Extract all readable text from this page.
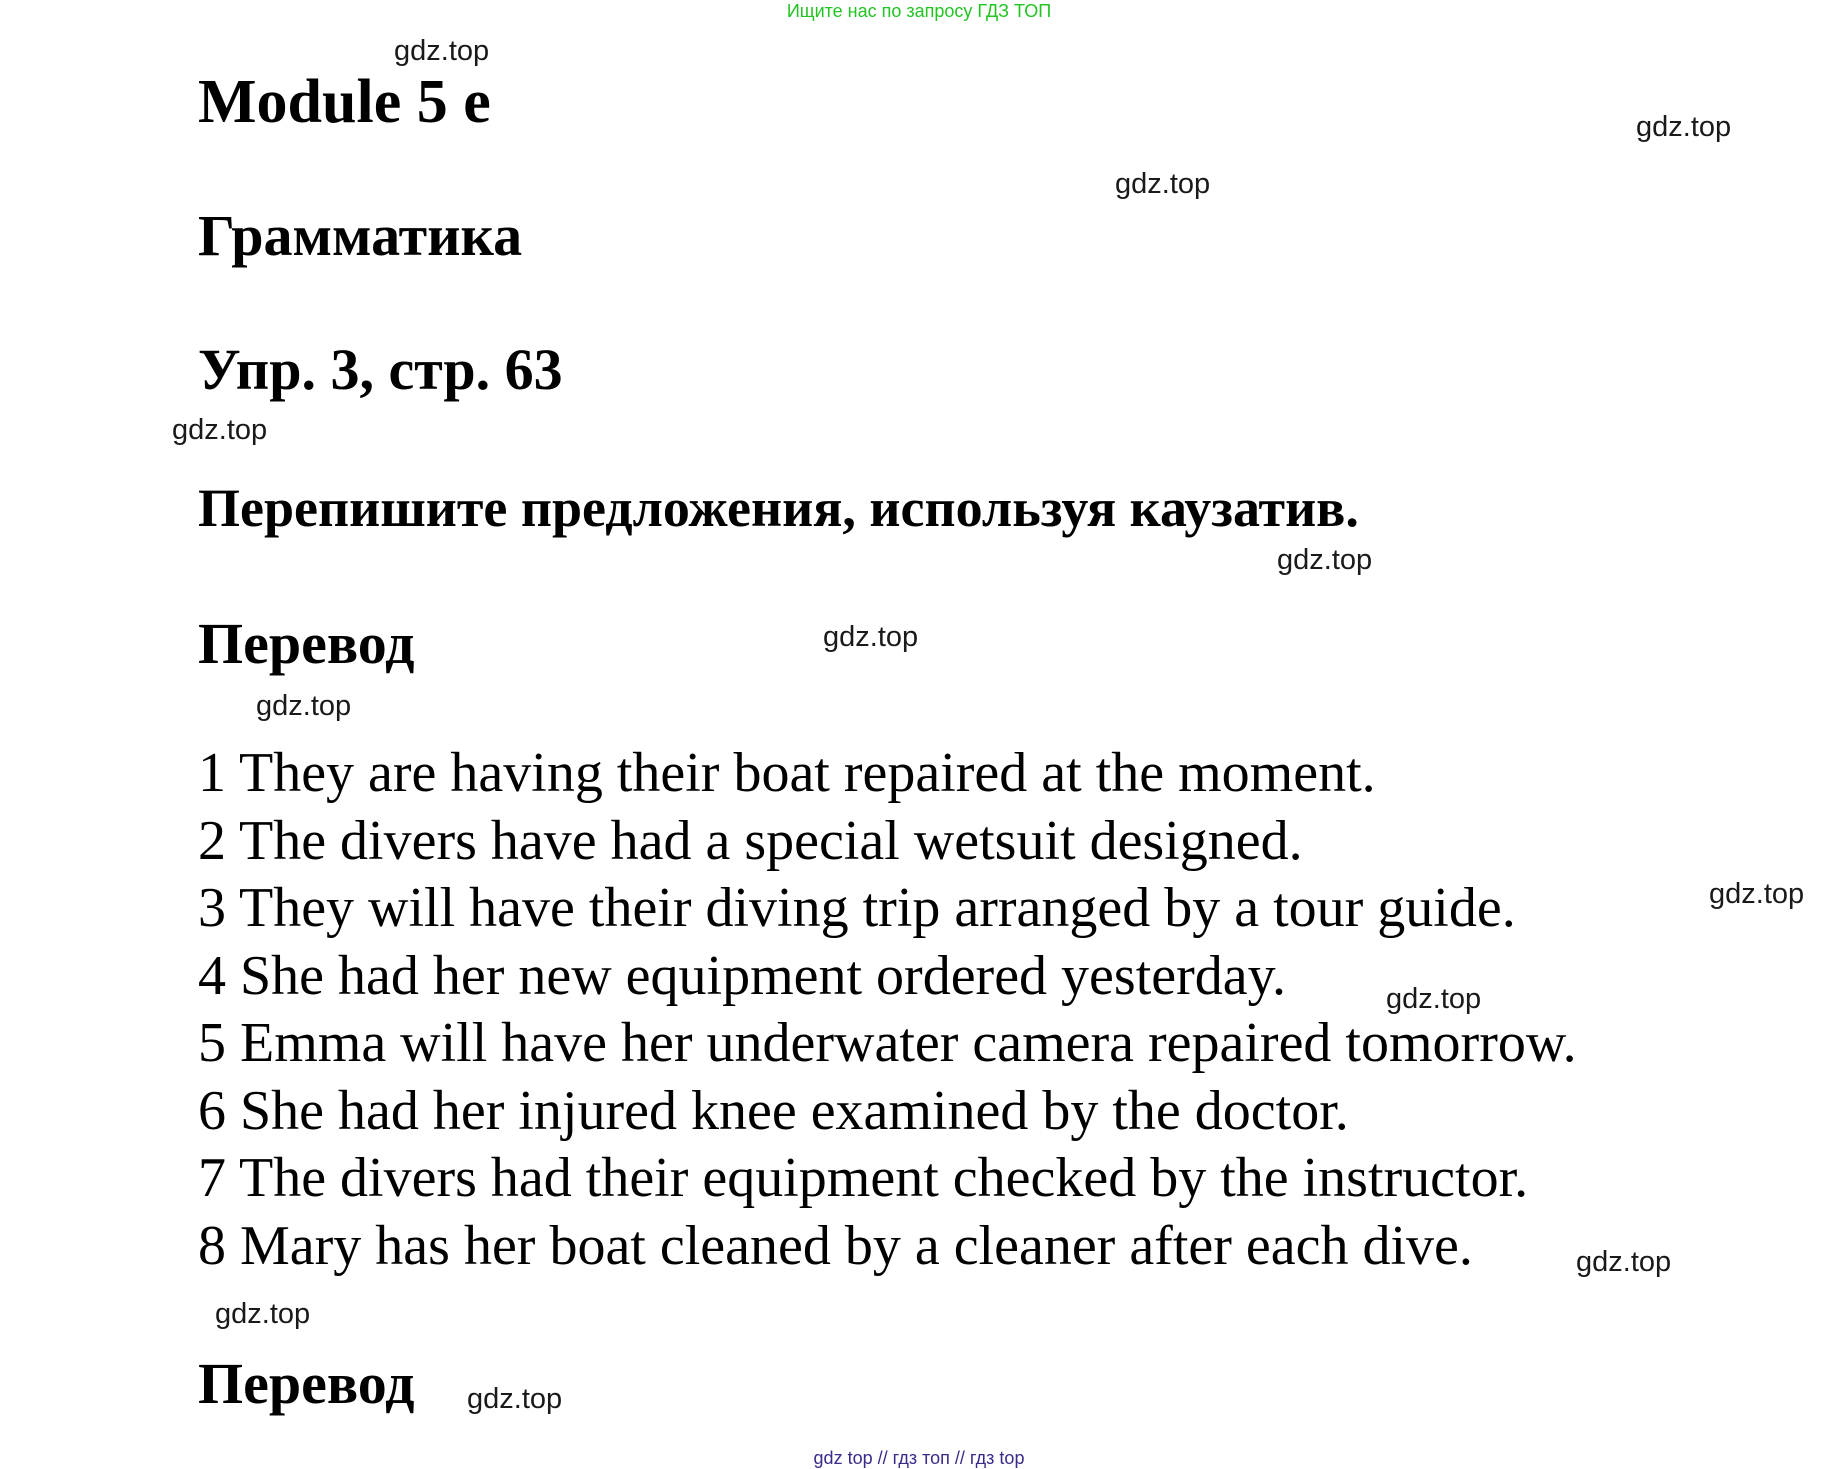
Ищите нас по запросу ГДЗ ТОП
Module 5 e
Грамматика
Упр. 3, стр. 63
Перепишите предложения, используя каузатив.
Перевод
1 They are having their boat repaired at the moment.
2 The divers have had a special wetsuit designed.
3 They will have their diving trip arranged by a tour guide.
4 She had her new equipment ordered yesterday.
5 Emma will have her underwater camera repaired tomorrow.
6 She had her injured knee examined by the doctor.
7 The divers had their equipment checked by the instructor.
8 Mary has her boat cleaned by a cleaner after each dive.
Перевод
gdz.top
gdz.top
gdz.top
gdz.top
gdz.top
gdz.top
gdz.top
gdz.top
gdz.top
gdz.top
gdz.top
gdz.top
gdz top // гдз топ // гдз top
